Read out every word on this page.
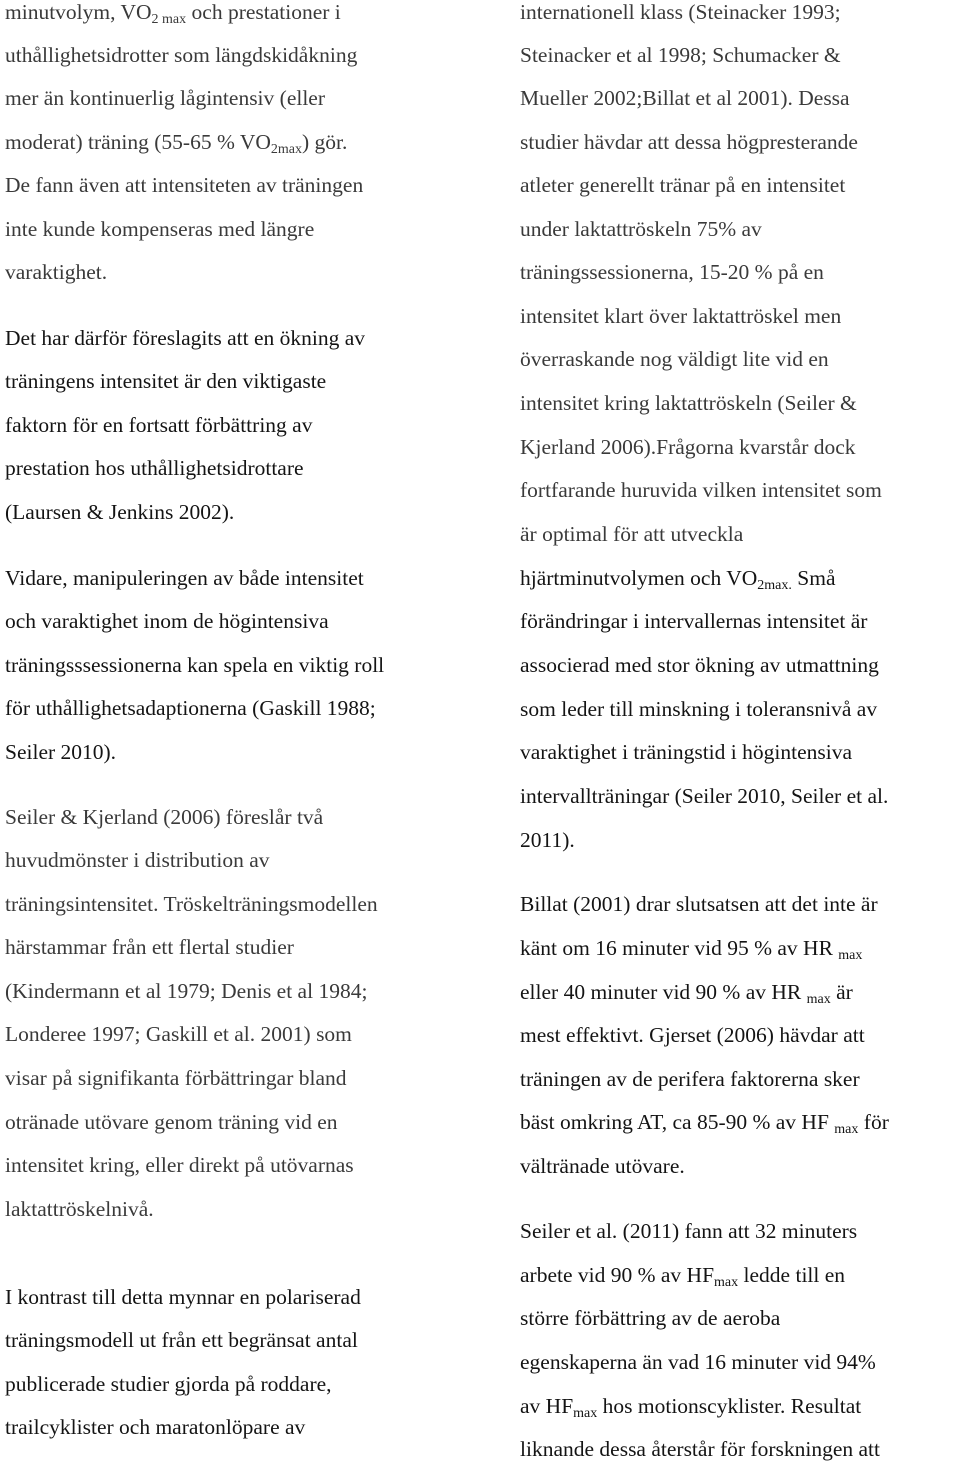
minutvolym, VO2 max och prestationer i
uthållighetsidrotter som längdskidåkning
mer än kontinuerlig lågintensiv (eller
moderat) träning (55-65 % VO2max) gör.
De fann även att intensiteten av träningen
inte kunde kompenseras med längre
varaktighet.
Det har därför föreslagits att en ökning av
träningens intensitet är den viktigaste
faktorn för en fortsatt förbättring av
prestation hos uthållighetsidrottare
(Laursen & Jenkins 2002).
Vidare, manipuleringen av både intensitet
och varaktighet inom de högintensiva
träningsssessionerna kan spela en viktig roll
för uthållighetsadaptionerna (Gaskill 1988;
Seiler 2010).
Seiler & Kjerland (2006) föreslår två
huvudmönster i distribution av
träningsintensitet. Tröskelträningsmodellen
härstammar från ett flertal studier
(Kindermann et al 1979; Denis et al 1984;
Londeree 1997; Gaskill et al. 2001) som
visar på signifikanta förbättringar bland
otränade utövare genom träning vid en
intensitet kring, eller direkt på utövarnas
laktattröskelnivå.
I kontrast till detta mynnar en polariserad
träningsmodell ut från ett begränsat antal
publicerade studier gjorda på roddare,
trailcyklister och maratonlöpare av
internationell klass (Steinacker 1993;
Steinacker et al 1998; Schumacker &
Mueller 2002;Billat et al 2001). Dessa
studier hävdar att dessa högpresterande
atleter generellt tränar på en intensitet
under laktattröskeln 75% av
träningssessionerna, 15-20 % på en
intensitet klart över laktattröskel men
överraskande nog väldigt lite vid en
intensitet kring laktattröskeln (Seiler &
Kjerland 2006).Frågorna kvarstår dock
fortfarande huruvida vilken intensitet som
är optimal för att utveckla
hjärtminutvolymen och VO2max. Små
förändringar i intervallernas intensitet är
associerad med stor ökning av utmattning
som leder till minskning i toleransnivå av
varaktighet i träningstid i högintensiva
intervallträningar (Seiler 2010, Seiler et al.
2011).
Billat (2001) drar slutsatsen att det inte är
känt om 16 minuter vid 95 % av HR max
eller 40 minuter vid 90 % av HR max är
mest effektivt. Gjerset (2006) hävdar att
träningen av de perifera faktorerna sker
bäst omkring AT, ca 85-90 % av HF max för
vältränade utövare.
Seiler et al. (2011) fann att 32 minuters
arbete vid 90 % av HFmax ledde till en
större förbättring av de aeroba
egenskaperna än vad 16 minuter vid 94%
av HFmax hos motionscyklister. Resultat
liknande dessa återstår för forskningen att
